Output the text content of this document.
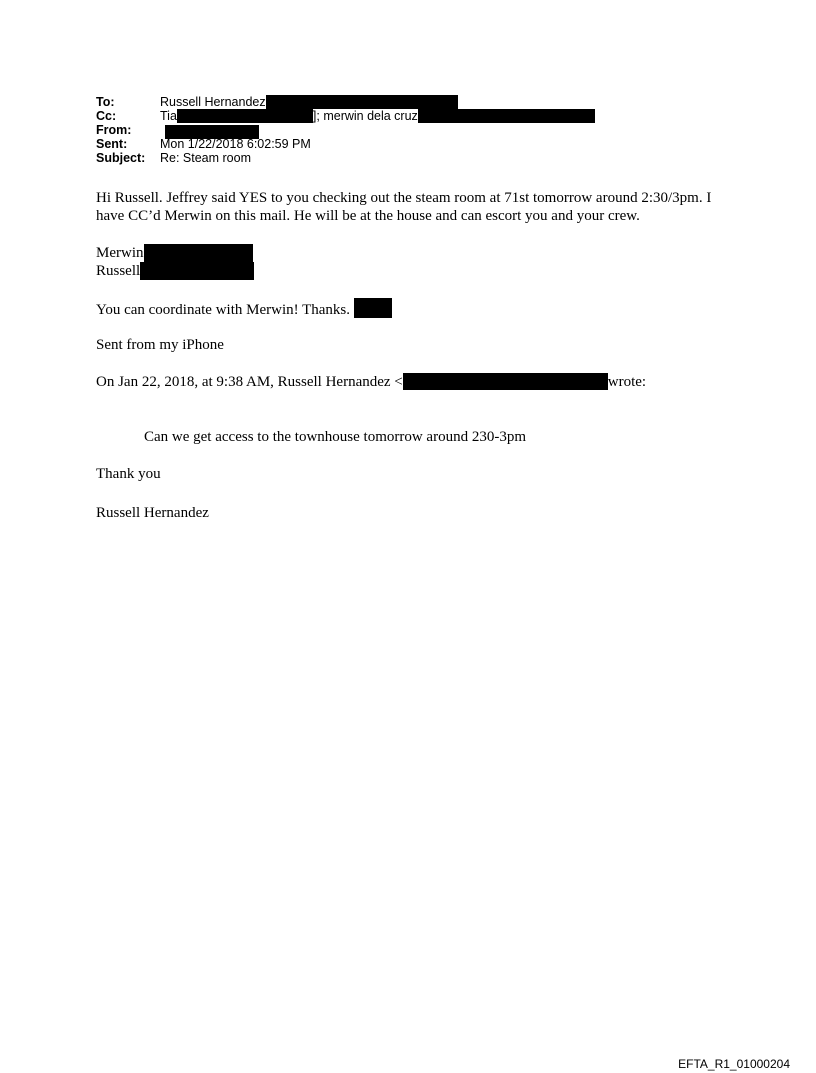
To:	Russell Hernandez
Cc:	Tia	]; merwin dela cruz
From:
Sent:	Mon 1/22/2018 6:02:59 PM
Subject: Re: Steam room

Hi Russell. Jeffrey said YES to you checking out the steam room at 71st tomorrow around 2:30/3pm. I have CC’d Merwin on this mail. He will be at the house and can escort you and your crew.

Merwin
Russell
You can coordinate with Merwin! Thanks.

Sent from my iPhone

On Jan 22, 2018, at 9:38 AM, Russell Hernandez <	wrote:

Can we get access to the townhouse tomorrow around 230-3pm

Thank you

Russell Hernandez

EFTA_R1_01000204
